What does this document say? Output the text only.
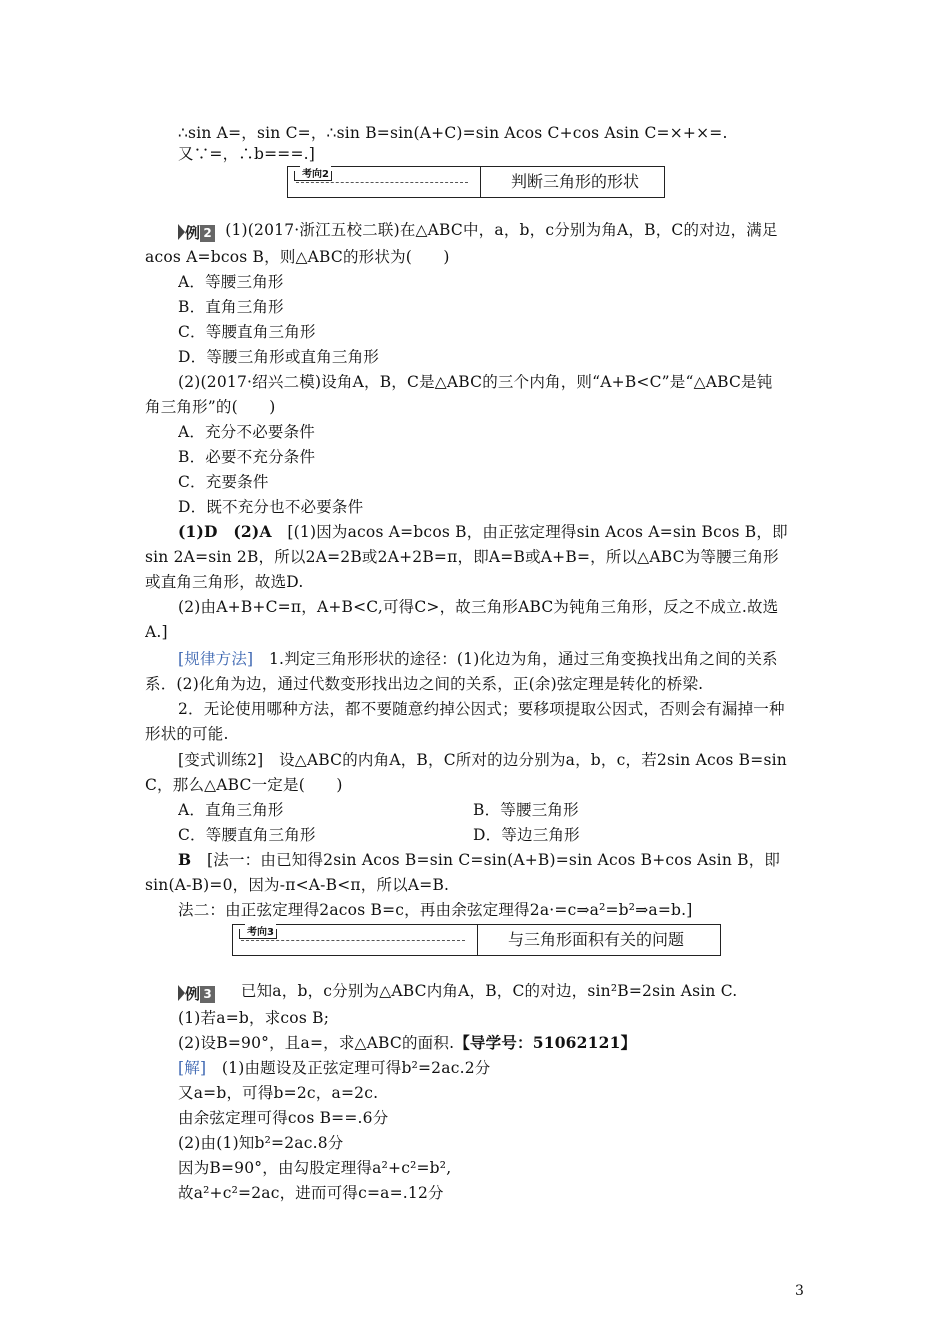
∴sin A=，sin C=，∴sin B=sin(A+C)=sin Acos C+cos Asin C=×+×=.
又∵=，∴b===.]
考向2	判断三角形的形状
例 2 (1)(2017·浙江五校二联)在△ABC中，a，b，c分别为角A，B，C的对边，满足
acos A=bcos B，则△ABC的形状为(　　)
A．等腰三角形
B．直角三角形
C．等腰直角三角形
D．等腰三角形或直角三角形
(2)(2017·绍兴二模)设角A，B，C是△ABC的三个内角，则“A+B<C”是“△ABC是钝
角三角形”的(　　)
A．充分不必要条件
B．必要不充分条件
C．充要条件
D．既不充分也不必要条件
(1)D　(2)A　 [(1)因为acos A=bcos B，由正弦定理得sin Acos A=sin Bcos B，即
sin 2A=sin 2B，所以2A=2B或2A+2B=π，即A=B或A+B=，所以△ABC为等腰三角形
或直角三角形，故选D.
(2)由A+B+C=π，A+B<C,可得C>，故三角形ABC为钝角三角形，反之不成立.故选
A.]
[规律方法]　 1.判定三角形形状的途径：(1)化边为角，通过三角变换找出角之间的关系
系．(2)化角为边，通过代数变形找出边之间的关系，正(余)弦定理是转化的桥梁.
2．无论使用哪种方法，都不要随意约掉公因式；要移项提取公因式，否则会有漏掉一种
形状的可能.
[变式训练2]　 设△ABC的内角A，B，C所对的边分别为a，b，c，若2sin Acos B=sin
C，那么△ABC一定是(　　)
A．直角三角形	B．等腰三角形
C．等腰直角三角形	D．等边三角形
B　 [法一：由已知得2sin Acos B=sin C=sin(A+B)=sin Acos B+cos Asin B，即
sin(A-B)=0，因为-π<A-B<π，所以A=B.
法二：由正弦定理得2acos B=c，再由余弦定理得2a·=c⇒a²=b²⇒a=b.]
考向3	与三角形面积有关的问题
例 3　 已知a，b，c分别为△ABC内角A，B，C的对边，sin²B=2sin Asin C.
(1)若a=b，求cos B;
(2)设B=90°，且a=，求△ABC的面积.【导学号：51062121】
[解]　 (1)由题设及正弦定理可得b²=2ac.2分
又a=b，可得b=2c，a=2c.
由余弦定理可得cos B==.6分
(2)由(1)知b²=2ac.8分
因为B=90°，由勾股定理得a²+c²=b²,
故a²+c²=2ac，进而可得c=a=.12分
3
